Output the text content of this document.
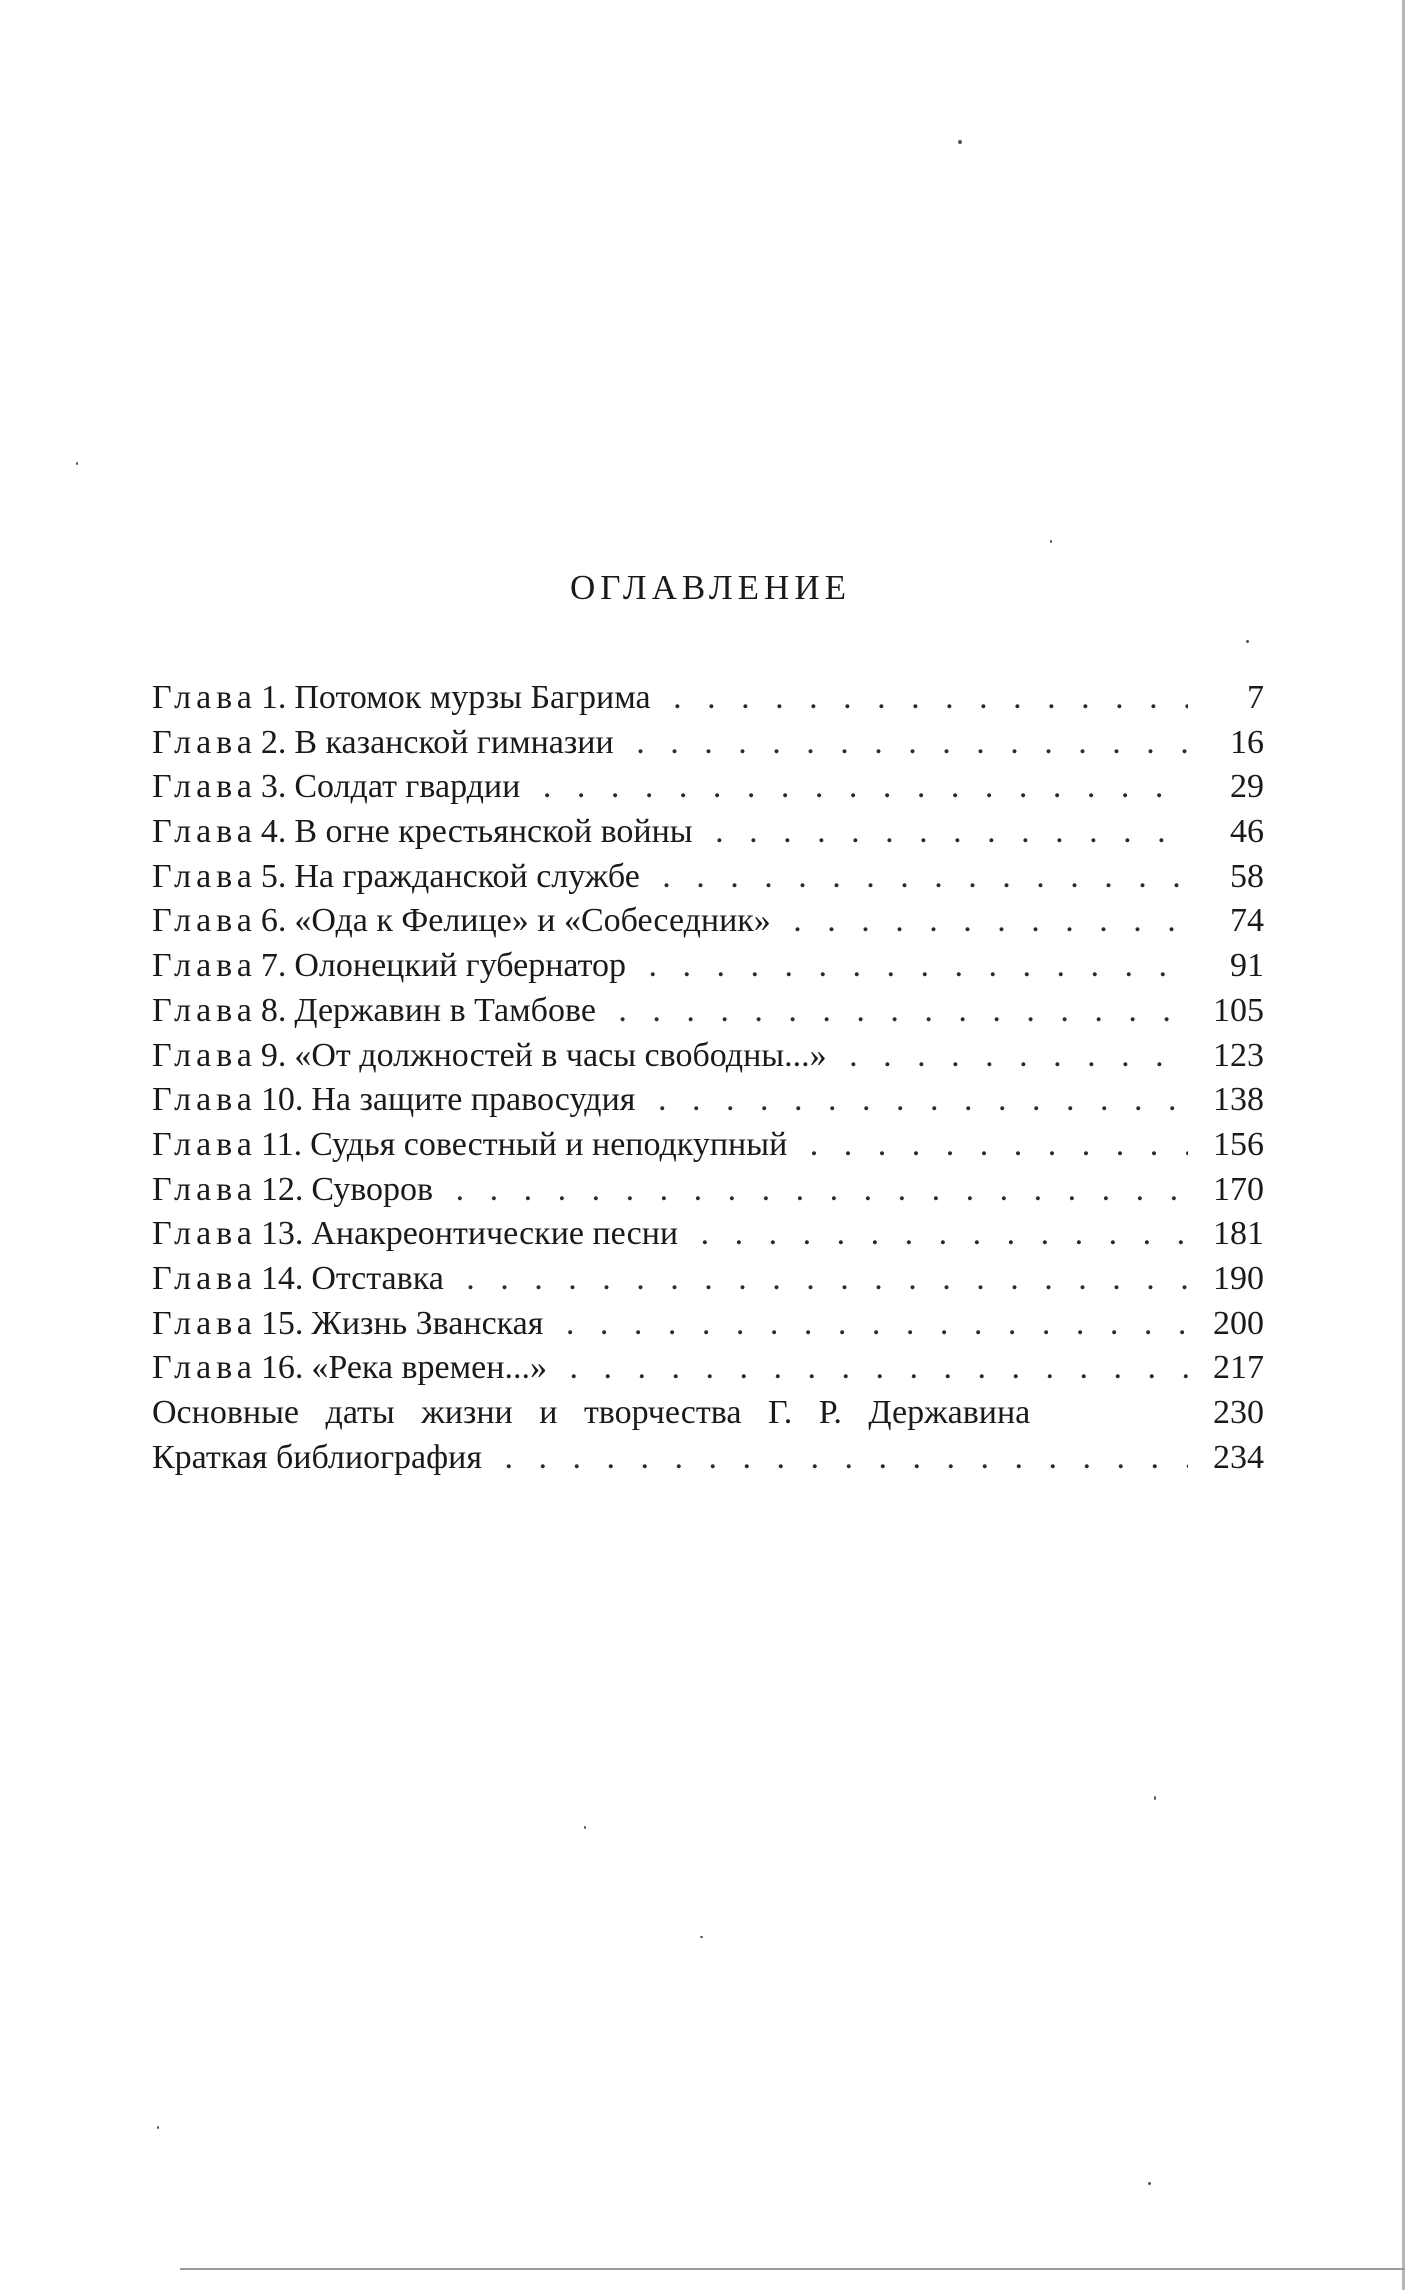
ОГЛАВЛЕНИЕ
Глава 1. Потомок мурзы Багрима . .	7
Глава 2. В казанской гимназии . .	16
Глава 3. Солдат гвардии . .	29
Глава 4. В огне крестьянской войны . .	46
Глава 5. На гражданской службе . .	58
Глава 6. «Ода к Фелице» и «Собеседник» . .	74
Глава 7. Олонецкий губернатор . .	91
Глава 8. Державин в Тамбове . .	105
Глава 9. «От должностей в часы свободны...» . .	123
Глава 10. На защите правосудия . .	138
Глава 11. Судья совестный и неподкупный . .	156
Глава 12. Суворов . .	170
Глава 13. Анакреонтические песни . .	181
Глава 14. Отставка . .	190
Глава 15. Жизнь Званская . .	200
Глава 16. «Река времен...» . .	217
Основные даты жизни и творчества Г. Р. Державина	230
Краткая библиография . .	234
